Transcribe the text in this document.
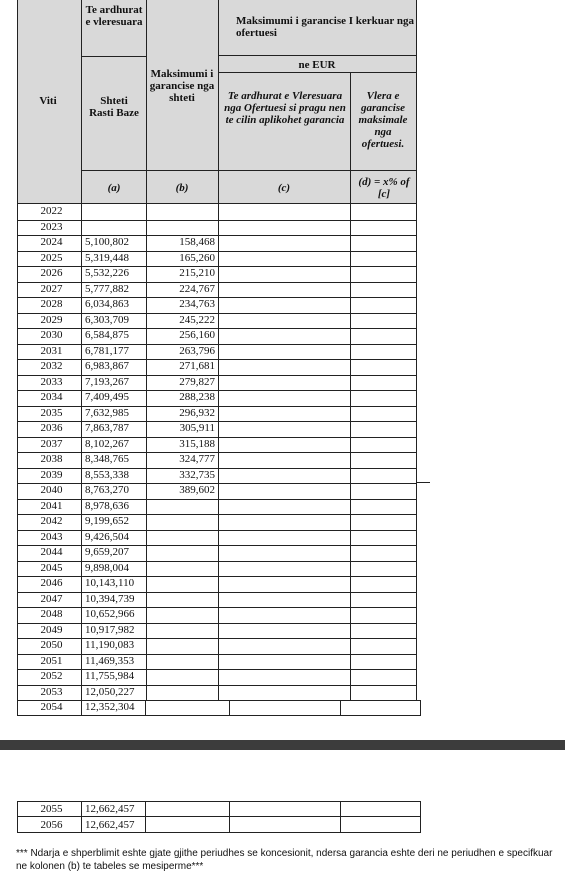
Viti
Te ardhurat e vleresuara
Shteti Rasti Baze
Maksimumi i garancise nga shteti
Maksimumi i garancise I kerkuar nga ofertuesi
ne EUR
Te ardhurat e Vleresuara nga Ofertuesi si pragu nen te cilin aplikohet garancia
Vlera e garancise maksimale nga ofertuesi.
(a)	(b)	(c)	(d) = x% of [c]
2022
2023
2024	5,100,802	158,468
2025	5,319,448	165,260
2026	5,532,226	215,210
2027	5,777,882	224,767
2028	6,034,863	234,763
2029	6,303,709	245,222
2030	6,584,875	256,160
2031	6,781,177	263,796
2032	6,983,867	271,681
2033	7,193,267	279,827
2034	7,409,495	288,238
2035	7,632,985	296,932
2036	7,863,787	305,911
2037	8,102,267	315,188
2038	8,348,765	324,777
2039	8,553,338	332,735
2040	8,763,270	389,602
2041	8,978,636
2042	9,199,652
2043	9,426,504
2044	9,659,207
2045	9,898,004
2046	10,143,110
2047	10,394,739
2048	10,652,966
2049	10,917,982
2050	11,190,083
2051	11,469,353
2052	11,755,984
2053	12,050,227
2054	12,352,304
2055	12,662,457
2056	12,662,457
*** Ndarja e shperblimit eshte gjate gjithe periudhes se koncesionit, ndersa garancia eshte deri ne periudhen e specifkuar ne kolonen (b) te tabeles se mesiperme***
